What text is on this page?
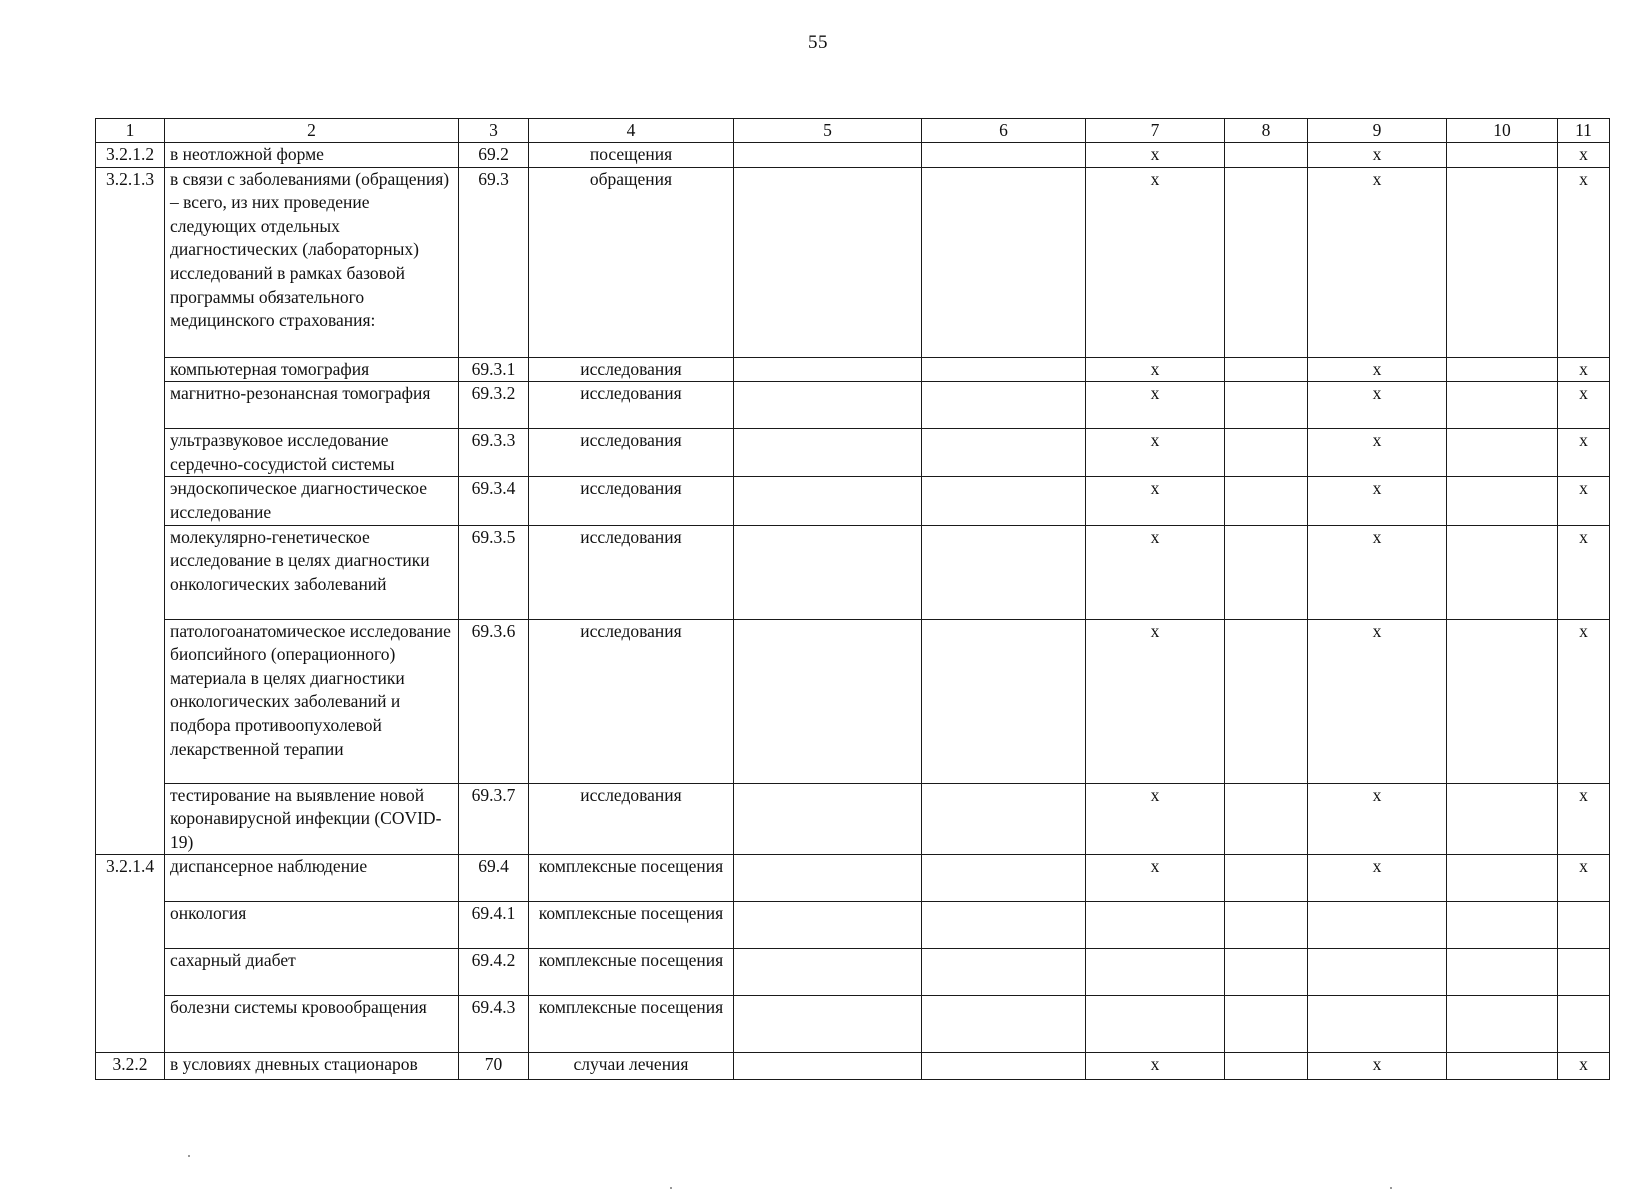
55
1	2	3	4	5	6	7	8	9	10	11
3.2.1.2	в неотложной форме	69.2	посещения			х		х		х
3.2.1.3	в связи с заболеваниями (обращения) – всего, из них проведение следующих отдельных диагностических (лабораторных) исследований в рамках базовой программы обязательного медицинского страхования:	69.3	обращения			х		х		х
	компьютерная томография	69.3.1	исследования			х		х		х
	магнитно-резонансная томография	69.3.2	исследования			х		х		х
	ультразвуковое исследование сердечно-сосудистой системы	69.3.3	исследования			х		х		х
	эндоскопическое диагностическое исследование	69.3.4	исследования			х		х		х
	молекулярно-генетическое исследование в целях диагностики онкологических заболеваний	69.3.5	исследования			х		х		х
	патологоанатомическое исследование биопсийного (операционного) материала в целях диагностики онкологических заболеваний и подбора противоопухолевой лекарственной терапии	69.3.6	исследования			х		х		х
	тестирование на выявление новой коронавирусной инфекции (COVID-19)	69.3.7	исследования			х		х		х
3.2.1.4	диспансерное наблюдение	69.4	комплексные посещения			х		х		х
	онкология	69.4.1	комплексные посещения							
	сахарный диабет	69.4.2	комплексные посещения							
	болезни системы кровообращения	69.4.3	комплексные посещения							
3.2.2	в условиях дневных стационаров	70	случаи лечения			х		х		х
